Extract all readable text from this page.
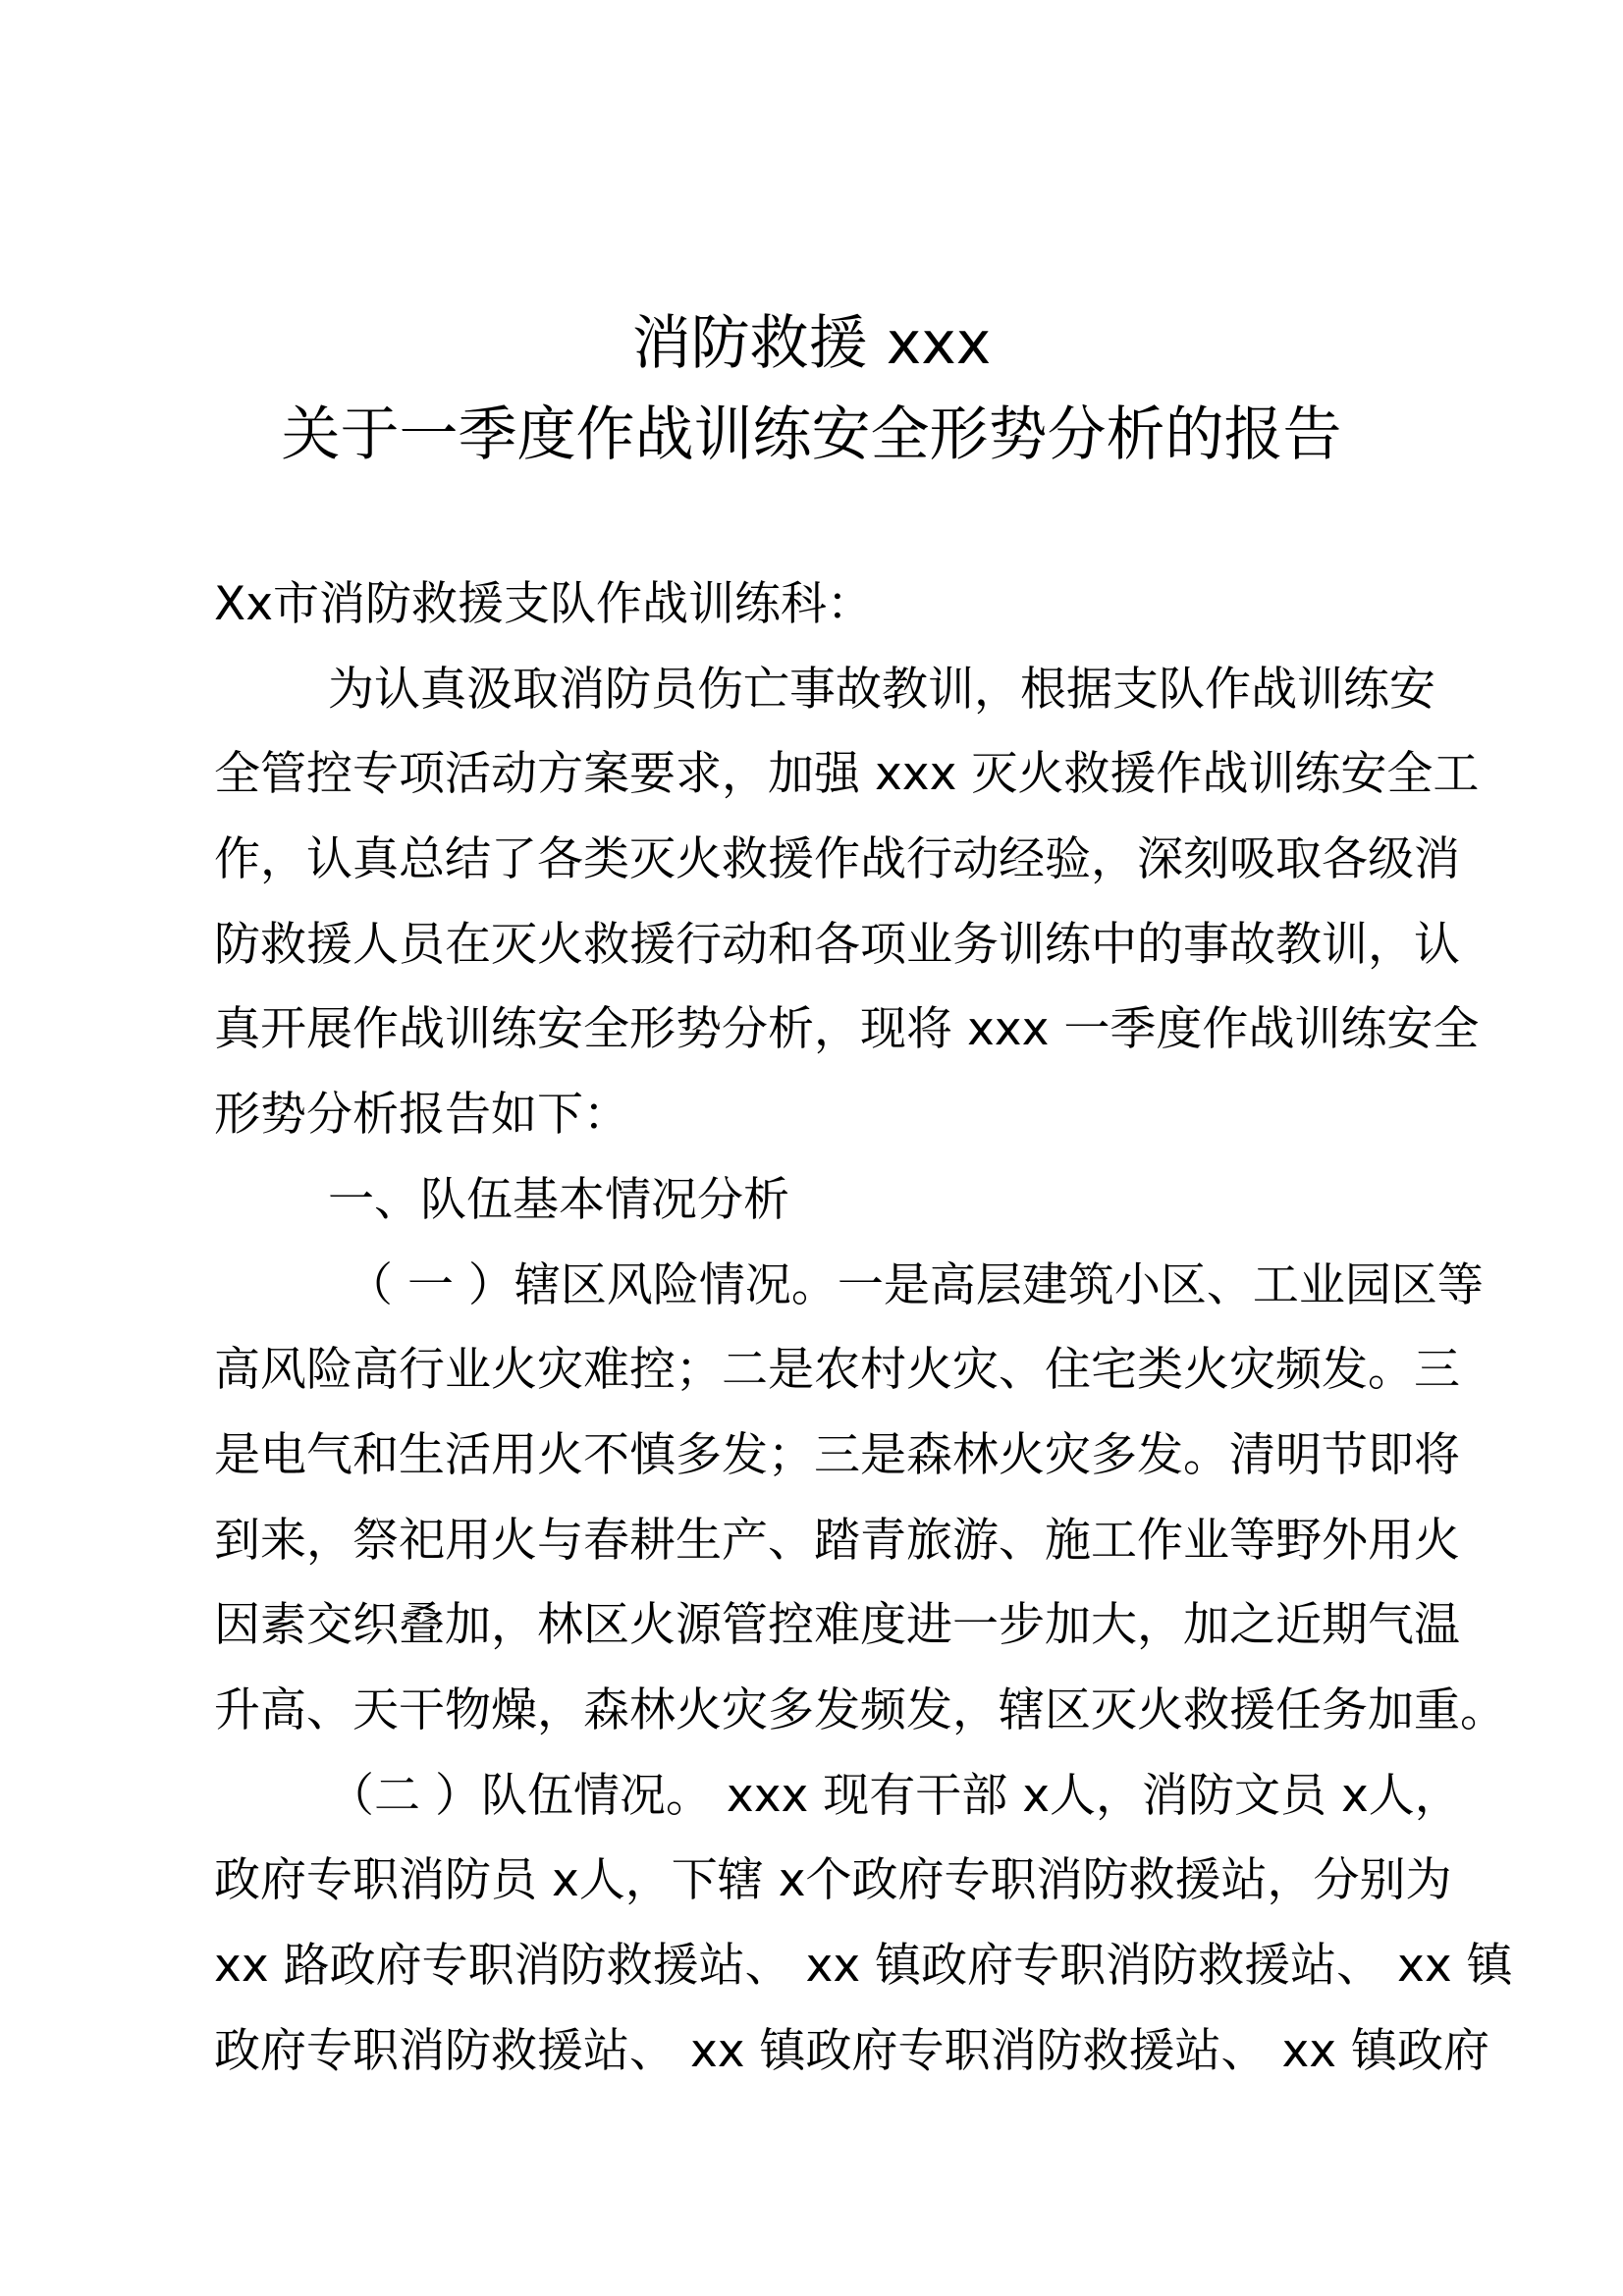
消防救援 xxx
关于一季度作战训练安全形势分析的报告
Xx市消防救援支队作战训练科：
为认真汲取消防员伤亡事故教训，根据支队作战训练安
全管控专项活动方案要求，加强 xxx 灭火救援作战训练安全工
作，认真总结了各类灭火救援作战行动经验，深刻吸取各级消
防救援人员在灭火救援行动和各项业务训练中的事故教训，认
真开展作战训练安全形势分析，现将 xxx 一季度作战训练安全
形势分析报告如下：
一、队伍基本情况分析
（ 一 ）辖区风险情况。一是高层建筑小区、工业园区等
高风险高行业火灾难控；二是农村火灾、住宅类火灾频发。三
是电气和生活用火不慎多发；三是森林火灾多发。清明节即将
到来，祭祀用火与春耕生产、踏青旅游、施工作业等野外用火
因素交织叠加，林区火源管控难度进一步加大，加之近期气温
升高、天干物燥，森林火灾多发频发，辖区灭火救援任务加重。
（二 ）队伍情况。 xxx 现有干部 x人，消防文员 x人，
政府专职消防员 x人，下辖 x个政府专职消防救援站，分别为
xx 路政府专职消防救援站、 xx 镇政府专职消防救援站、 xx 镇
政府专职消防救援站、 xx 镇政府专职消防救援站、 xx 镇政府
